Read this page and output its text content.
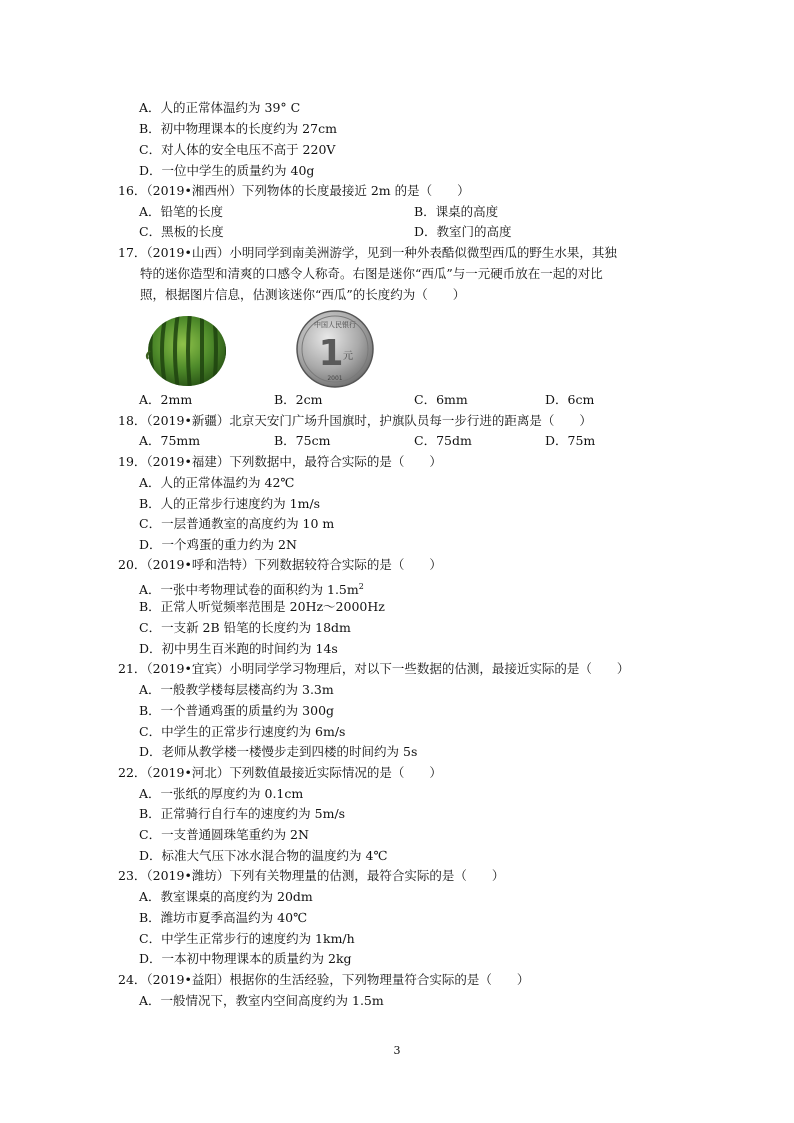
A．人的正常体温约为 39° C
B．初中物理课本的长度约为 27cm
C．对人体的安全电压不高于 220V
D．一位中学生的质量约为 40g
16．（2019•湘西州）下列物体的长度最接近 2m 的是（　　）
A．铅笔的长度	B．课桌的高度
C．黑板的长度	D．教室门的高度
17．（2019•山西）小明同学到南美洲游学，见到一种外表酷似微型西瓜的野生水果，其独
特的迷你造型和清爽的口感令人称奇。右图是迷你“西瓜”与一元硬币放在一起的对比
照，根据图片信息，估测该迷你“西瓜”的长度约为（　　）
中国人民银行
1 元
2001
A．2mm	B．2cm	C．6mm	D．6cm
18．（2019•新疆）北京天安门广场升国旗时，护旗队员每一步行进的距离是（　　）
A．75mm	B．75cm	C．75dm	D．75m
19．（2019•福建）下列数据中，最符合实际的是（　　）
A．人的正常体温约为 42℃
B．人的正常步行速度约为 1m/s
C．一层普通教室的高度约为 10 m
D．一个鸡蛋的重力约为 2N
20．（2019•呼和浩特）下列数据较符合实际的是（　　）
A．一张中考物理试卷的面积约为 $1.5m^2$
B．正常人听觉频率范围是 20Hz～2000Hz
C．一支新 2B 铅笔的长度约为 18dm
D．初中男生百米跑的时间约为 14s
21．（2019•宜宾）小明同学学习物理后，对以下一些数据的估测，最接近实际的是（　　）
A．一般教学楼每层楼高约为 3.3m
B．一个普通鸡蛋的质量约为 300g
C．中学生的正常步行速度约为 6m/s
D．老师从教学楼一楼慢步走到四楼的时间约为 5s
22．（2019•河北）下列数值最接近实际情况的是（　　）
A．一张纸的厚度约为 0.1cm
B．正常骑行自行车的速度约为 5m/s
C．一支普通圆珠笔重约为 2N
D．标准大气压下冰水混合物的温度约为 4℃
23．（2019•潍坊）下列有关物理量的估测，最符合实际的是（　　）
A．教室课桌的高度约为 20dm
B．潍坊市夏季高温约为 40℃
C．中学生正常步行的速度约为 1km/h
D．一本初中物理课本的质量约为 2kg
24．（2019•益阳）根据你的生活经验，下列物理量符合实际的是（　　）
A．一般情况下，教室内空间高度约为 1.5m
3
